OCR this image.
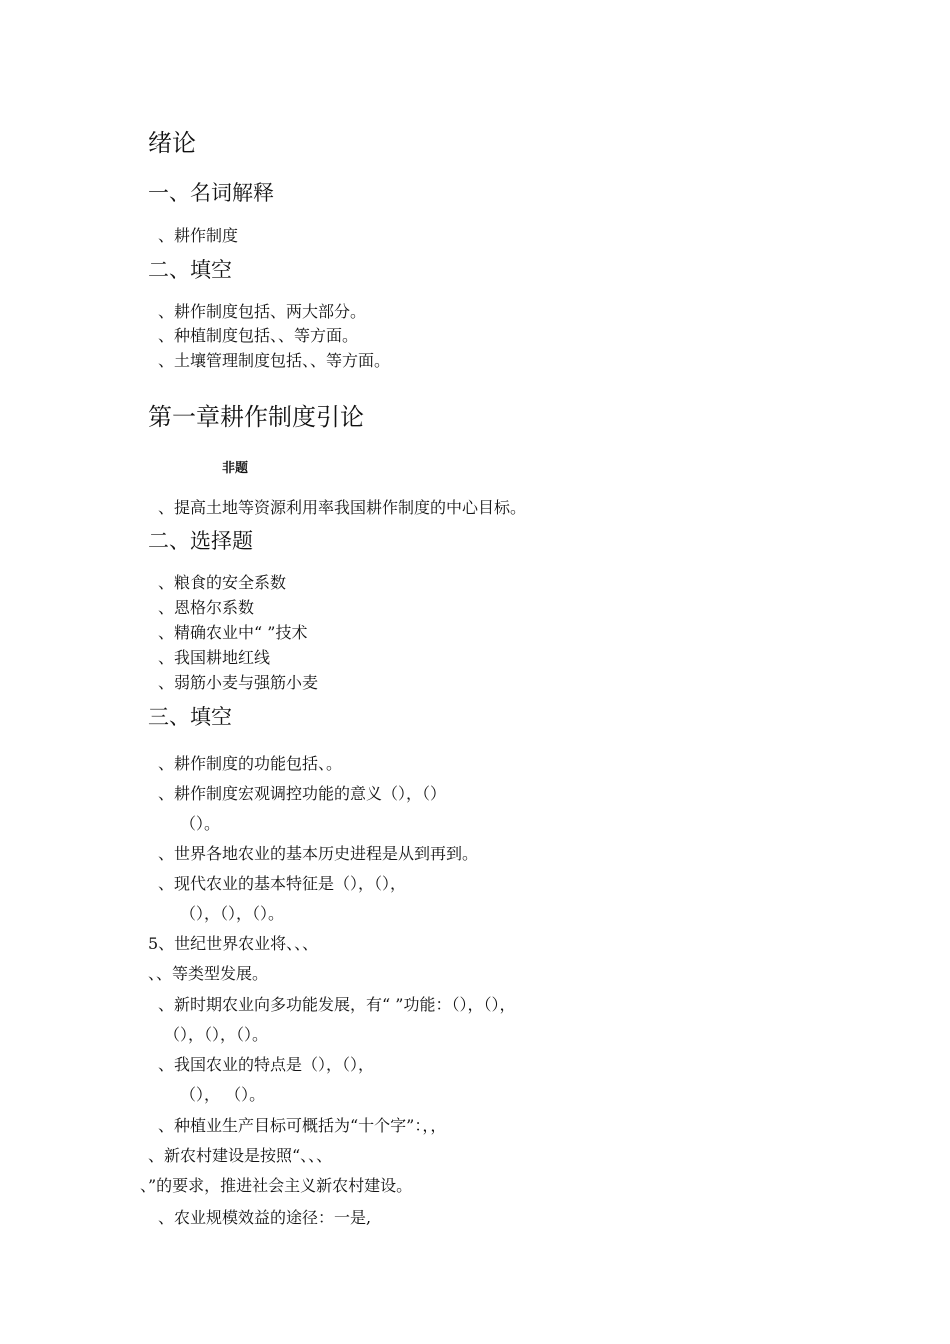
绪论
一、名词解释
、耕作制度
二、填空
、耕作制度包括、两大部分。
、种植制度包括、、等方面。
、土壤管理制度包括、、等方面。
第一章耕作制度引论
非题
、提高土地等资源利用率我国耕作制度的中心目标。
二、选择题
、粮食的安全系数
、恩格尔系数
、精确农业中“ ”技术
、我国耕地红线
、弱筋小麦与强筋小麦
三、填空
、耕作制度的功能包括、。
、耕作制度宏观调控功能的意义（），（）
（）。
、世界各地农业的基本历史进程是从到再到。
、现代农业的基本特征是（），（），
（），（），（）。
5、世纪世界农业将、、、
、、等类型发展。
、新时期农业向多功能发展，有“ ”功能：（），（），
（），（），（）。
、我国农业的特点是（），（），
（）， （）。
、种植业生产目标可概括为“十个字”：，，
、新农村建设是按照“、、、
、”的要求，推进社会主义新农村建设。
、农业规模效益的途径：一是,
